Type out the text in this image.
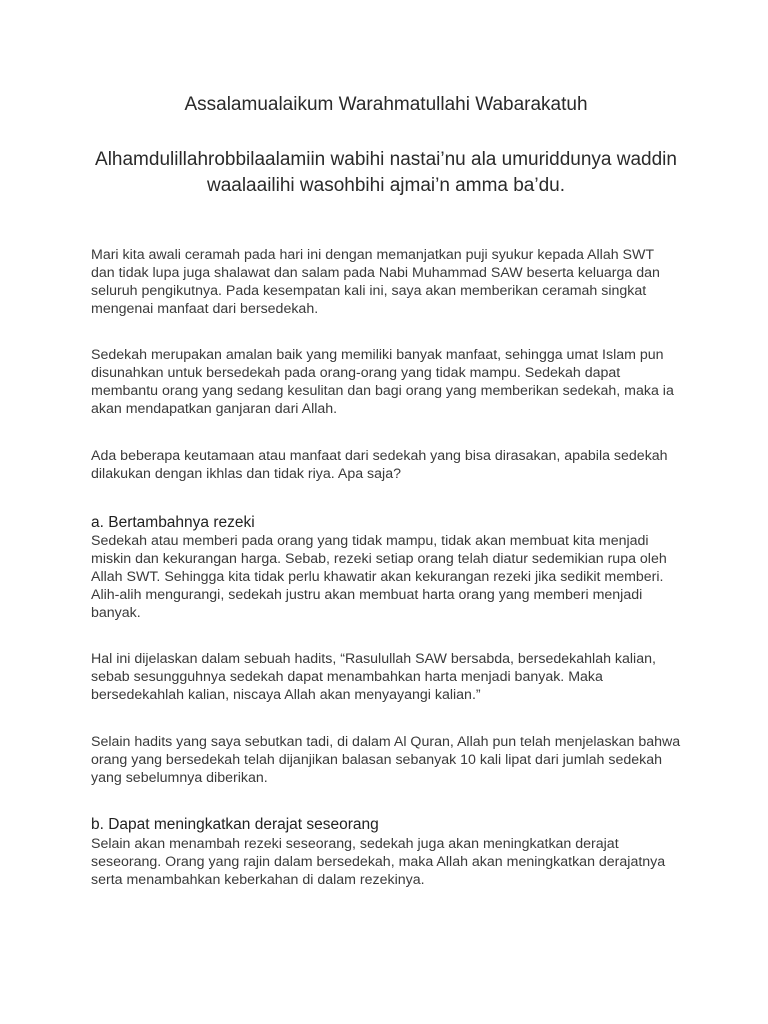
Assalamualaikum Warahmatullahi Wabarakatuh
Alhamdulillahrobbilaalamiin wabihi nastai’nu ala umuriddunya waddin waalaailihi wasohbihi ajmai’n amma ba’du.

Mari kita awali ceramah pada hari ini dengan memanjatkan puji syukur kepada Allah SWT dan tidak lupa juga shalawat dan salam pada Nabi Muhammad SAW beserta keluarga dan seluruh pengikutnya. Pada kesempatan kali ini, saya akan memberikan ceramah singkat mengenai manfaat dari bersedekah.

Sedekah merupakan amalan baik yang memiliki banyak manfaat, sehingga umat Islam pun disunahkan untuk bersedekah pada orang-orang yang tidak mampu. Sedekah dapat membantu orang yang sedang kesulitan dan bagi orang yang memberikan sedekah, maka ia akan mendapatkan ganjaran dari Allah.

Ada beberapa keutamaan atau manfaat dari sedekah yang bisa dirasakan, apabila sedekah dilakukan dengan ikhlas dan tidak riya. Apa saja?

a. Bertambahnya rezeki

Sedekah atau memberi pada orang yang tidak mampu, tidak akan membuat kita menjadi miskin dan kekurangan harga. Sebab, rezeki setiap orang telah diatur sedemikian rupa oleh Allah SWT. Sehingga kita tidak perlu khawatir akan kekurangan rezeki jika sedikit memberi. Alih-alih mengurangi, sedekah justru akan membuat harta orang yang memberi menjadi banyak.

Hal ini dijelaskan dalam sebuah hadits, “Rasulullah SAW bersabda, bersedekahlah kalian, sebab sesungguhnya sedekah dapat menambahkan harta menjadi banyak. Maka bersedekahlah kalian, niscaya Allah akan menyayangi kalian.”

Selain hadits yang saya sebutkan tadi, di dalam Al Quran, Allah pun telah menjelaskan bahwa orang yang bersedekah telah dijanjikan balasan sebanyak 10 kali lipat dari jumlah sedekah yang sebelumnya diberikan.

b. Dapat meningkatkan derajat seseorang

Selain akan menambah rezeki seseorang, sedekah juga akan meningkatkan derajat seseorang. Orang yang rajin dalam bersedekah, maka Allah akan meningkatkan derajatnya serta menambahkan keberkahan di dalam rezekinya.
